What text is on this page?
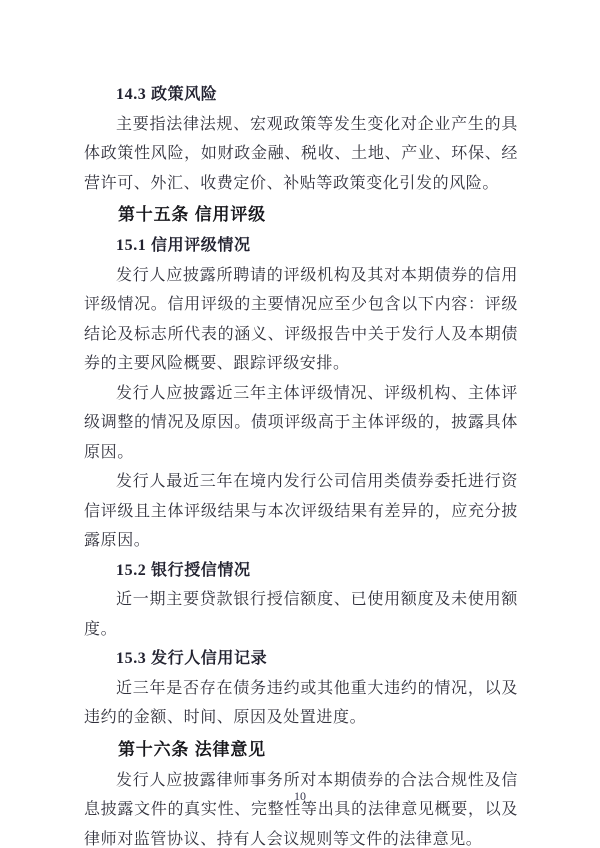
14.3 政策风险

主要指法律法规、宏观政策等发生变化对企业产生的具体政策性风险，如财政金融、税收、土地、产业、环保、经营许可、外汇、收费定价、补贴等政策变化引发的风险。

第十五条 信用评级
15.1 信用评级情况

发行人应披露所聘请的评级机构及其对本期债券的信用评级情况。信用评级的主要情况应至少包含以下内容：评级结论及标志所代表的涵义、评级报告中关于发行人及本期债券的主要风险概要、跟踪评级安排。

发行人应披露近三年主体评级情况、评级机构、主体评级调整的情况及原因。债项评级高于主体评级的，披露具体原因。

发行人最近三年在境内发行公司信用类债券委托进行资信评级且主体评级结果与本次评级结果有差异的，应充分披露原因。

15.2 银行授信情况

近一期主要贷款银行授信额度、已使用额度及未使用额度。

15.3 发行人信用记录

近三年是否存在债务违约或其他重大违约的情况，以及违约的金额、时间、原因及处置进度。

第十六条 法律意见

发行人应披露律师事务所对本期债券的合法合规性及信息披露文件的真实性、完整性等出具的法律意见概要，以及律师对监管协议、持有人会议规则等文件的法律意见。

10
